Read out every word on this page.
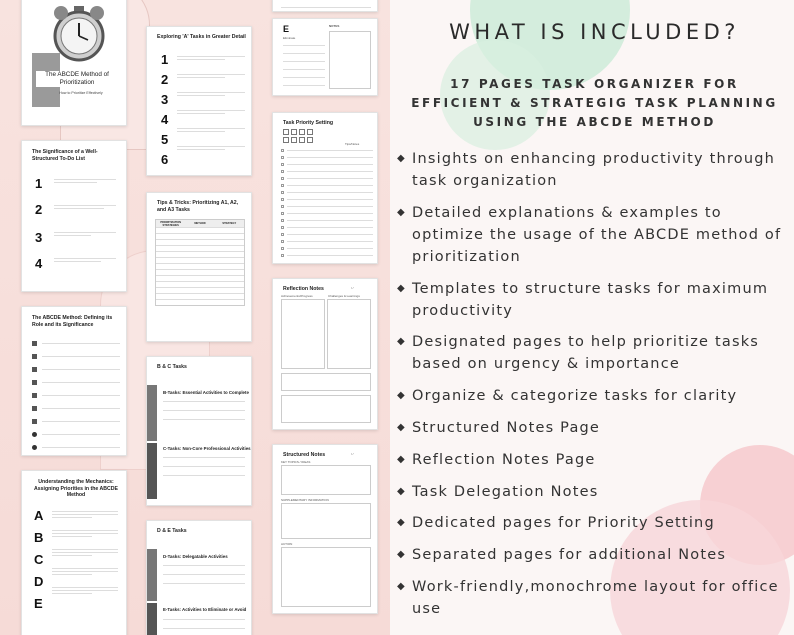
The ABCDE Method of Prioritization
How to Prioritize Effectively
The Significance of a Well-Structured To-Do List
1
2
3
4
The ABCDE Method: Defining its Role and its Significance
Understanding the Mechanics: Assigning Priorities in the ABCDE Method
A
B
C
D
E
Exploring 'A' Tasks in Greater Detail
1
2
3
4
5
6
Tips & Tricks: Prioritizing A1, A2, and A3 Tasks
PRIORITIZATION STRATEGIES	METHOD	STRATEGY
B & C Tasks
B-Tasks: Essential Activities to Complete
C-Tasks: Non-Core Professional Activities
D & E Tasks
D-Tasks: Delegatable Activities
E-Tasks: Activities to Eliminate or Avoid
E
Eliminate
NOTES
Task Priority Setting
Tips/Notes
Reflection Notes	/ /
Achievements/Progress	Challenges & Learnings
Structured Notes	/ /
KEY TOPICS / IDEAS
SUPPLEMENTARY INFORMATION
ACTION
WHAT IS INCLUDED?
17 PAGES TASK ORGANIZER FOR
EFFICIENT & STRATEGIG TASK PLANNING
USING THE ABCDE METHOD
◆ Insights on enhancing productivity through task organization
◆ Detailed explanations & examples to optimize the usage of the ABCDE method of prioritization
◆ Templates to structure tasks for maximum productivity
◆ Designated pages to help prioritize tasks based on urgency & importance
◆ Organize & categorize tasks for clarity
◆ Structured Notes Page
◆ Reflection Notes Page
◆ Task Delegation Notes
◆ Dedicated pages for Priority Setting
◆ Separated pages for additional Notes
◆ Work-friendly,monochrome layout for office use
